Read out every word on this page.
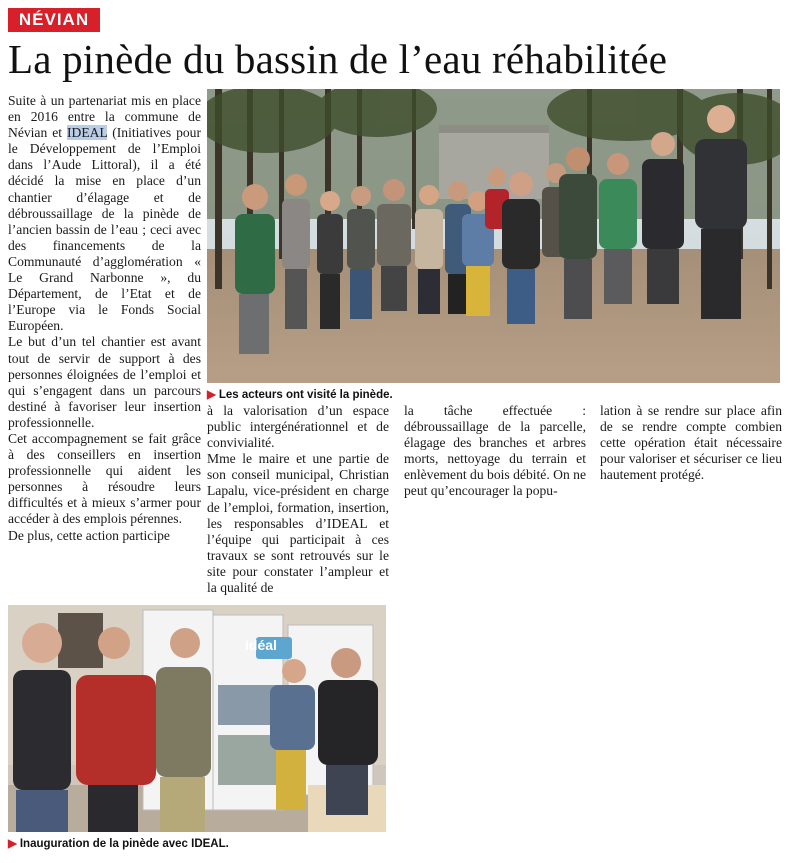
NÉVIAN
La pinède du bassin de l’eau réhabilitée

Suite à un partenariat mis en place en 2016 entre la commune de Névian et IDEAL (Initiatives pour le Développement de l’Emploi dans l’Aude Littoral), il a été décidé la mise en place d’un chantier d’élagage et de débroussaillage de la pinède de l’ancien bassin de l’eau ; ceci avec des financements de la Communauté d’agglomération « Le Grand Narbonne », du Département, de l’Etat et de l’Europe via le Fonds Social Européen.

Le but d’un tel chantier est avant tout de servir de support à des personnes éloignées de l’emploi et qui s’engagent dans un parcours destiné à favoriser leur insertion professionnelle.

Cet accompagnement se fait grâce à des conseillers en insertion professionnelle qui aident les personnes à résoudre leurs difficultés et à mieux s’armer pour accéder à des emplois pérennes.

De plus, cette action participe

▶ Les acteurs ont visité la pinède.

à la valorisation d’un espace public intergénérationnel et de convivialité.

Mme le maire et une partie de son conseil municipal, Christian Lapalu, vice-président en charge de l’emploi, formation, insertion, les responsables d’IDEAL et l’équipe qui participait à ces travaux se sont retrouvés sur le site pour constater l’ampleur et la qualité de

la tâche effectuée : débroussaillage de la parcelle, élagage des branches et arbres morts, nettoyage du terrain et enlèvement du bois débité. On ne peut qu’encourager la popu-

lation à se rendre sur place afin de se rendre compte combien cette opération était nécessaire pour valoriser et sécuriser ce lieu hautement protégé.

idéal
▶ Inauguration de la pinède avec IDEAL.
